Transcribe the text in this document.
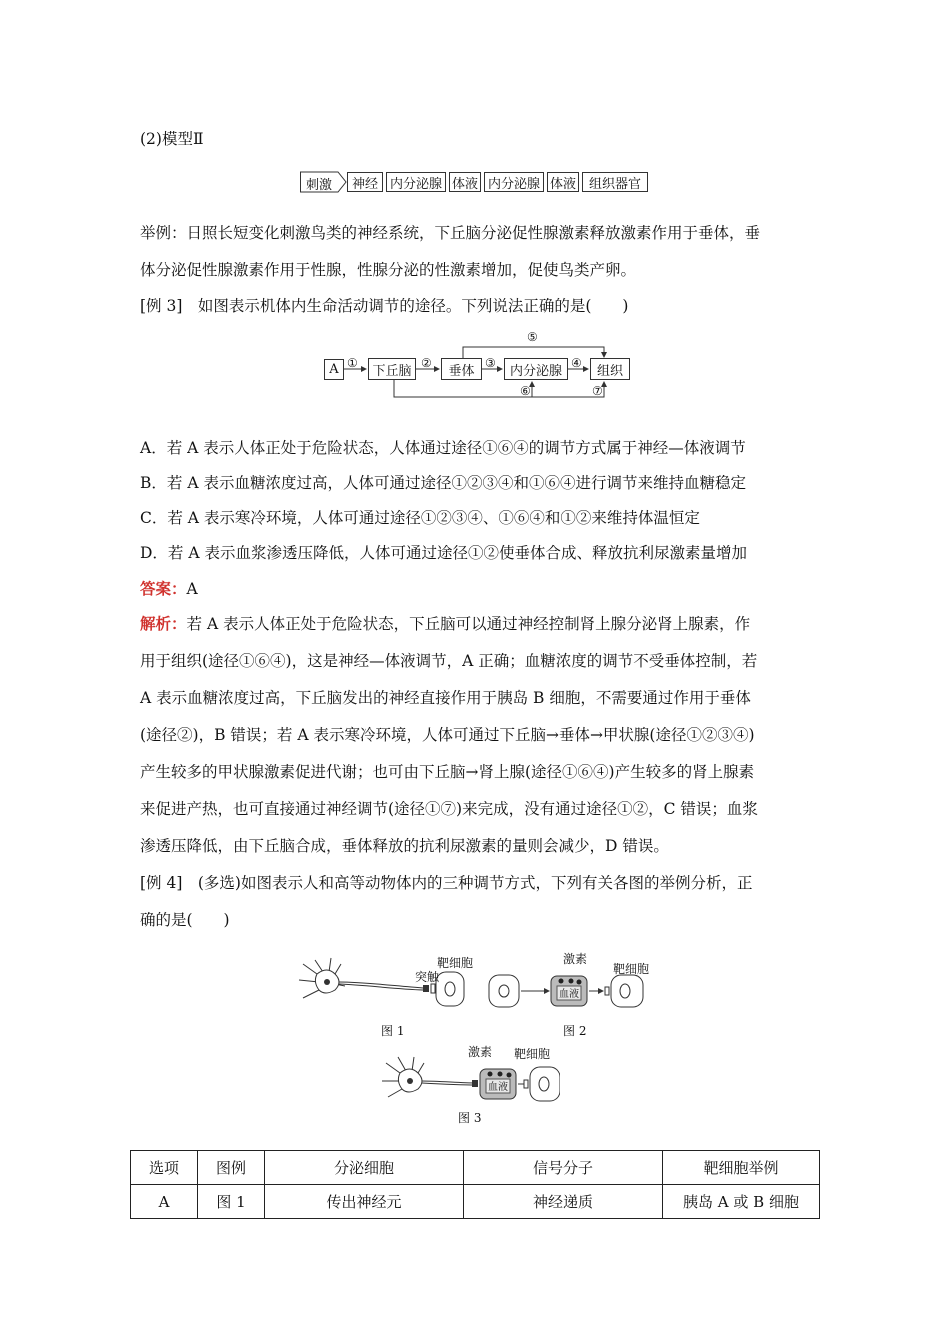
(2)模型Ⅱ
刺激	神经 内分泌腺 体液 内分泌腺 体液 组织器官
举例：日照长短变化刺激鸟类的神经系统，下丘脑分泌促性腺激素释放激素作用于垂体，垂
体分泌促性腺激素作用于性腺，性腺分泌的性激素增加，促使鸟类产卵。
[例 3]　如图表示机体内生命活动调节的途径。下列说法正确的是(　　)
A	下丘脑	垂体	内分泌腺	组织
①	②	③	④
⑤
⑥	⑦
A．若 A 表示人体正处于危险状态，人体通过途径①⑥④的调节方式属于神经—体液调节
B．若 A 表示血糖浓度过高，人体可通过途径①②③④和①⑥④进行调节来维持血糖稳定
C．若 A 表示寒冷环境，人体可通过途径①②③④、①⑥④和①②来维持体温恒定
D．若 A 表示血浆渗透压降低，人体可通过途径①②使垂体合成、释放抗利尿激素量增加
答案：A
解析：若 A 表示人体正处于危险状态，下丘脑可以通过神经控制肾上腺分泌肾上腺素，作
用于组织(途径①⑥④)，这是神经—体液调节，A 正确；血糖浓度的调节不受垂体控制，若
A 表示血糖浓度过高，下丘脑发出的神经直接作用于胰岛 B 细胞，不需要通过作用于垂体
(途径②)，B 错误；若 A 表示寒冷环境，人体可通过下丘脑→垂体→甲状腺(途径①②③④)
产生较多的甲状腺激素促进代谢；也可由下丘脑→肾上腺(途径①⑥④)产生较多的肾上腺素
来促进产热，也可直接通过神经调节(途径①⑦)来完成，没有通过途径①②，C 错误；血浆
渗透压降低，由下丘脑合成，垂体释放的抗利尿激素的量则会减少，D 错误。
[例 4]　(多选)如图表示人和高等动物体内的三种调节方式，下列有关各图的举例分析，正
确的是(　　)
突触
靶细胞
图 1
激素
血液
靶细胞
图 2
激素
血液
靶细胞
图 3
选项	图例	分泌细胞	信号分子	靶细胞举例
A	图 1	传出神经元	神经递质	胰岛 A 或 B 细胞
